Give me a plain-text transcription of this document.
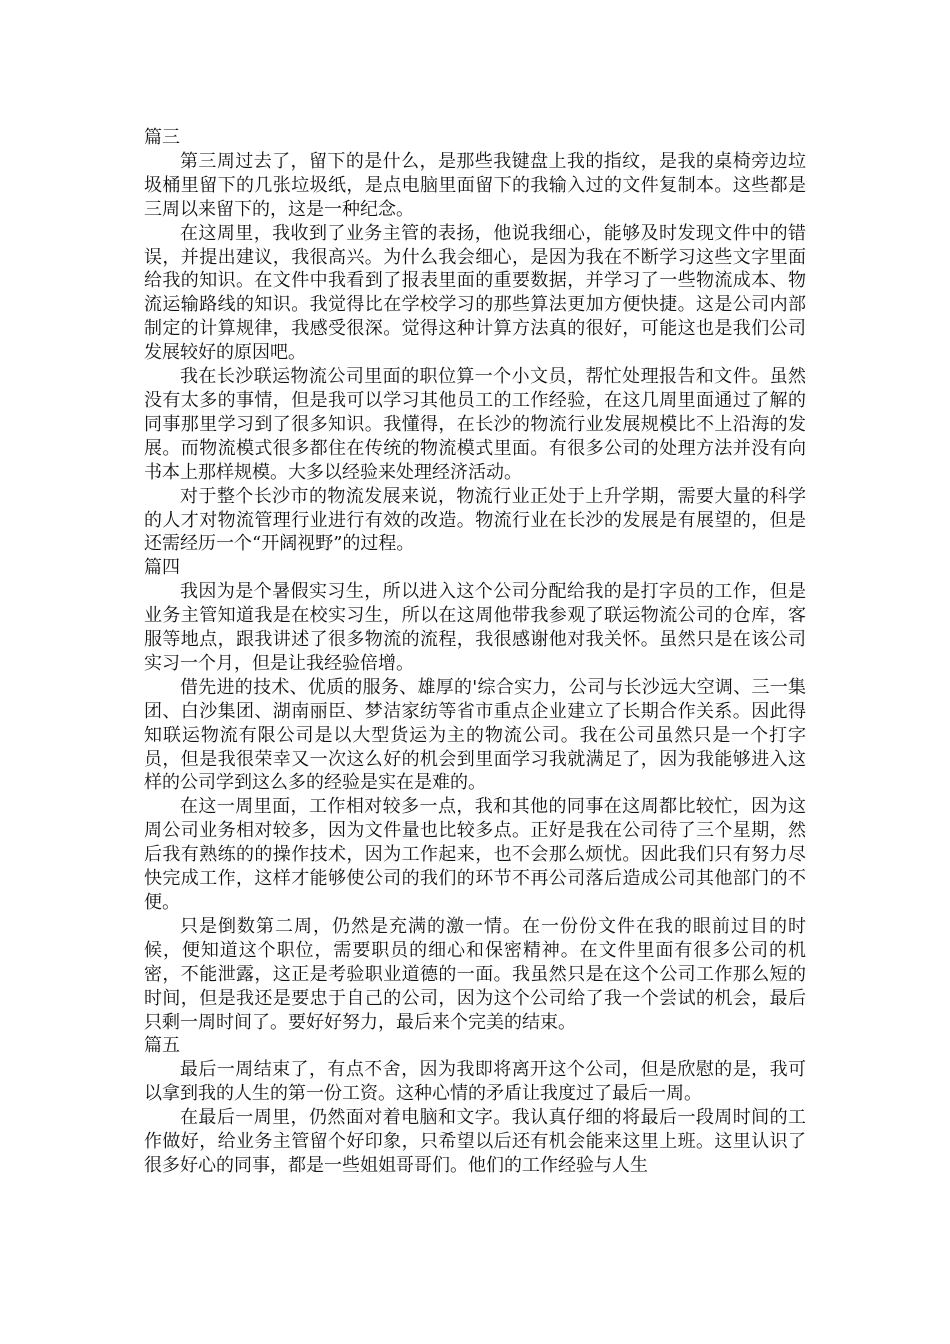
篇三

第三周过去了，留下的是什么，是那些我键盘上我的指纹，是我的桌椅旁边垃圾桶里留下的几张垃圾纸，是点电脑里面留下的我输入过的文件复制本。这些都是三周以来留下的，这是一种纪念。

在这周里，我收到了业务主管的表扬，他说我细心，能够及时发现文件中的错误，并提出建议，我很高兴。为什么我会细心，是因为我在不断学习这些文字里面给我的知识。在文件中我看到了报表里面的重要数据，并学习了一些物流成本、物流运输路线的知识。我觉得比在学校学习的那些算法更加方便快捷。这是公司内部制定的计算规律，我感受很深。觉得这种计算方法真的很好，可能这也是我们公司发展较好的原因吧。

我在长沙联运物流公司里面的职位算一个小文员，帮忙处理报告和文件。虽然没有太多的事情，但是我可以学习其他员工的工作经验，在这几周里面通过了解的同事那里学习到了很多知识。我懂得，在长沙的物流行业发展规模比不上沿海的发展。而物流模式很多都住在传统的物流模式里面。有很多公司的处理方法并没有向书本上那样规模。大多以经验来处理经济活动。

对于整个长沙市的物流发展来说，物流行业正处于上升学期，需要大量的科学的人才对物流管理行业进行有效的改造。物流行业在长沙的发展是有展望的，但是还需经历一个“开阔视野”的过程。

篇四

我因为是个暑假实习生，所以进入这个公司分配给我的是打字员的工作，但是业务主管知道我是在校实习生，所以在这周他带我参观了联运物流公司的仓库，客服等地点，跟我讲述了很多物流的流程，我很感谢他对我关怀。虽然只是在该公司实习一个月，但是让我经验倍增。

借先进的技术、优质的服务、雄厚的'综合实力，公司与长沙远大空调、三一集团、白沙集团、湖南丽臣、梦洁家纺等省市重点企业建立了长期合作关系。因此得知联运物流有限公司是以大型货运为主的物流公司。我在公司虽然只是一个打字员，但是我很荣幸又一次这么好的机会到里面学习我就满足了，因为我能够进入这样的公司学到这么多的经验是实在是难的。

在这一周里面，工作相对较多一点，我和其他的同事在这周都比较忙，因为这周公司业务相对较多，因为文件量也比较多点。正好是我在公司待了三个星期，然后我有熟练的的操作技术，因为工作起来，也不会那么烦忧。因此我们只有努力尽快完成工作，这样才能够使公司的我们的环节不再公司落后造成公司其他部门的不便。

只是倒数第二周，仍然是充满的激一情。在一份份文件在我的眼前过目的时候，便知道这个职位，需要职员的细心和保密精神。在文件里面有很多公司的机密，不能泄露，这正是考验职业道德的一面。我虽然只是在这个公司工作那么短的时间，但是我还是要忠于自己的公司，因为这个公司给了我一个尝试的机会，最后只剩一周时间了。要好好努力，最后来个完美的结束。

篇五

最后一周结束了，有点不舍，因为我即将离开这个公司，但是欣慰的是，我可以拿到我的人生的第一份工资。这种心情的矛盾让我度过了最后一周。

在最后一周里，仍然面对着电脑和文字。我认真仔细的将最后一段周时间的工作做好，给业务主管留个好印象，只希望以后还有机会能来这里上班。这里认识了很多好心的同事，都是一些姐姐哥哥们。他们的工作经验与人生
